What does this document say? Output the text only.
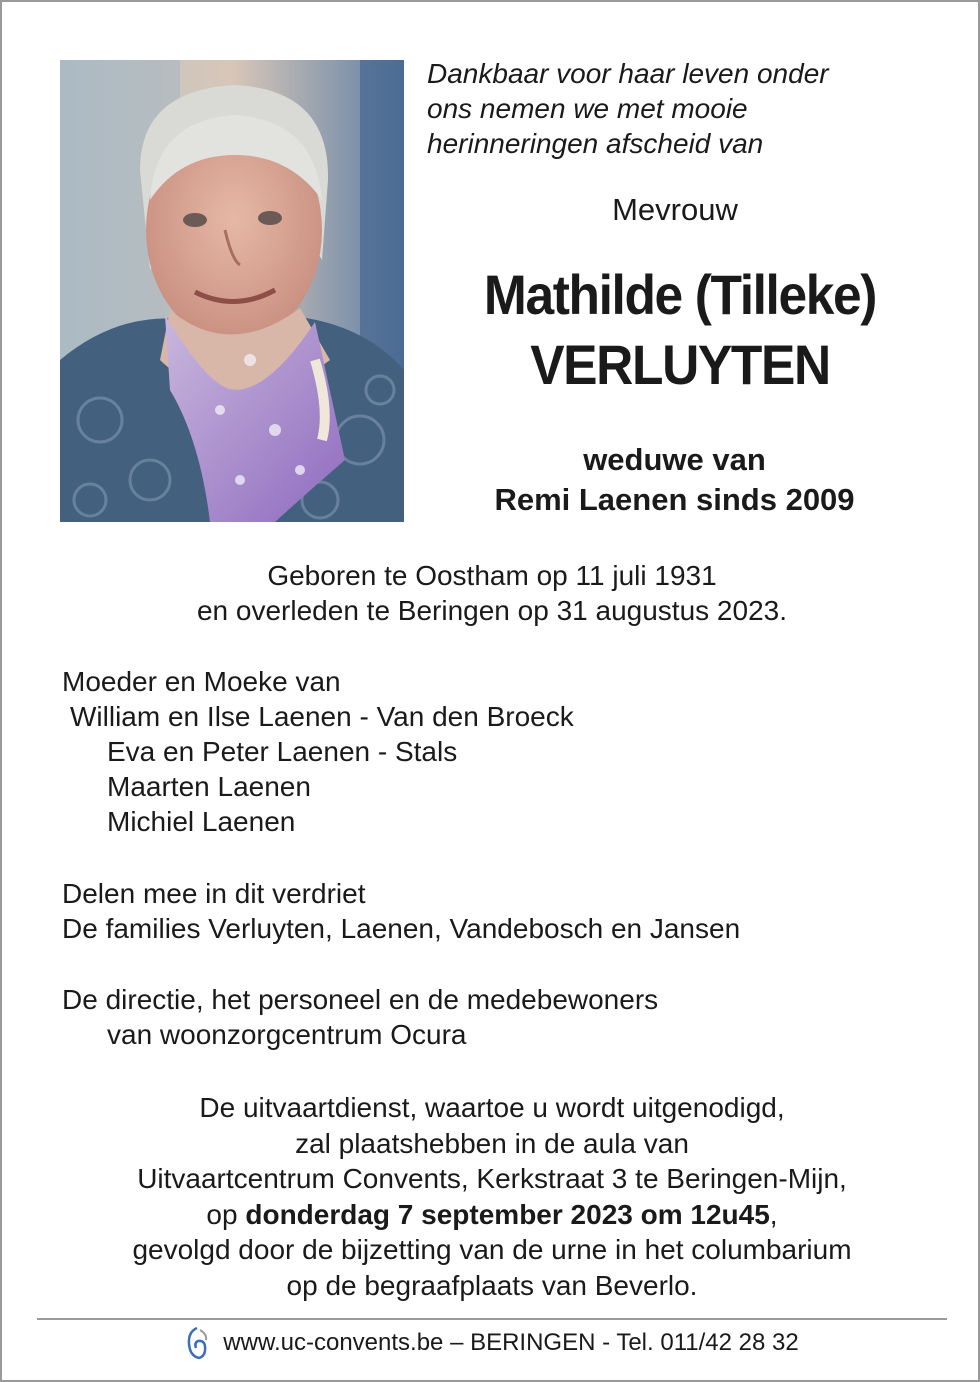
Dankbaar voor haar leven onder
ons nemen we met mooie
herinneringen afscheid van
Mevrouw
Mathilde (Tilleke)
VERLUYTEN
weduwe van
Remi Laenen sinds 2009
Geboren te Oostham op 11 juli 1931
en overleden te Beringen op 31 augustus 2023.
Moeder en Moeke van
William en Ilse Laenen - Van den Broeck
Eva en Peter Laenen - Stals
Maarten Laenen
Michiel Laenen
Delen mee in dit verdriet
De families Verluyten, Laenen, Vandebosch en Jansen
De directie, het personeel en de medebewoners
van woonzorgcentrum Ocura
De uitvaartdienst, waartoe u wordt uitgenodigd,
zal plaatshebben in de aula van
Uitvaartcentrum Convents, Kerkstraat 3 te Beringen-Mijn,
op donderdag 7 september 2023 om 12u45,
gevolgd door de bijzetting van de urne in het columbarium
op de begraafplaats van Beverlo.
www.uc-convents.be – BERINGEN - Tel. 011/42 28 32
